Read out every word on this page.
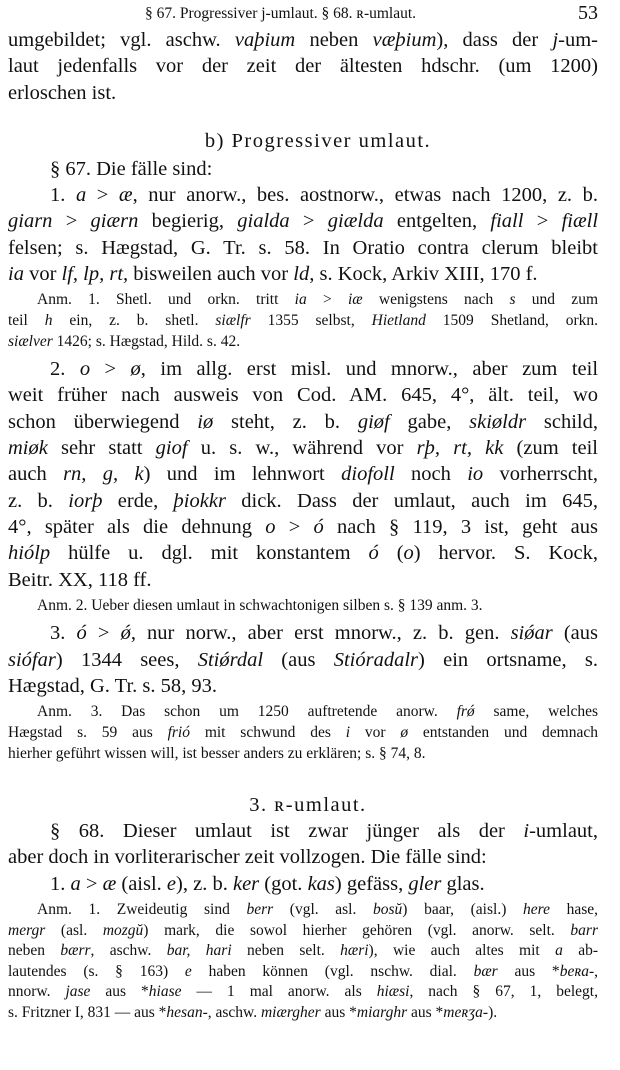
§ 67. Progressiver j-umlaut. § 68. ʀ-umlaut.	53
umgebildet; vgl. aschw. vaþium neben væþium), dass der j-um-
laut jedenfalls vor der zeit der ältesten hdschr. (um 1200)
erloschen ist.
b) Progressiver umlaut.
§ 67. Die fälle sind:
1. a > æ, nur anorw., bes. aostnorw., etwas nach 1200, z. b.
giarn > giærn begierig, gialda > giælda entgelten, fiall > fiæll
felsen; s. Hægstad, G. Tr. s. 58. In Oratio contra clerum bleibt
ia vor lf, lp, rt, bisweilen auch vor ld, s. Kock, Arkiv XIII, 170 f.
Anm. 1. Shetl. und orkn. tritt ia > iæ wenigstens nach s und zum
teil h ein, z. b. shetl. siælfr 1355 selbst, Hietland 1509 Shetland, orkn.
siælver 1426; s. Hægstad, Hild. s. 42.
2. o > ø, im allg. erst misl. und mnorw., aber zum teil
weit früher nach ausweis von Cod. AM. 645, 4°, ält. teil, wo
schon überwiegend iø steht, z. b. giøf gabe, skiøldr schild,
miøk sehr statt giof u. s. w., während vor rþ, rt, kk (zum teil
auch rn, g, k) und im lehnwort diofoll noch io vorherrscht,
z. b. iorþ erde, þiokkr dick. Dass der umlaut, auch im 645,
4°, später als die dehnung o > ó nach § 119, 3 ist, geht aus
hiólp hülfe u. dgl. mit konstantem ó (o) hervor. S. Kock,
Beitr. XX, 118 ff.
Anm. 2. Ueber diesen umlaut in schwachtonigen silben s. § 139 anm. 3.
3. ó > ǿ, nur norw., aber erst mnorw., z. b. gen. siǿar (aus
siófar) 1344 sees, Stiǿrdal (aus Stióradalr) ein ortsname, s.
Hægstad, G. Tr. s. 58, 93.
Anm. 3. Das schon um 1250 auftretende anorw. frǿ same, welches
Hægstad s. 59 aus frió mit schwund des i vor ø entstanden und demnach
hierher geführt wissen will, ist besser anders zu erklären; s. § 74, 8.
3. ʀ-umlaut.
§ 68. Dieser umlaut ist zwar jünger als der i-umlaut,
aber doch in vorliterarischer zeit vollzogen. Die fälle sind:
1. a > æ (aisl. e), z. b. ker (got. kas) gefäss, gler glas.
Anm. 1. Zweideutig sind berr (vgl. asl. bosŭ) baar, (aisl.) here hase,
mergr (asl. mozgŭ) mark, die sowol hierher gehören (vgl. anorw. selt. barr
neben bærr, aschw. bar, hari neben selt. hæri), wie auch altes mit a ab-
lautendes (s. § 163) e haben können (vgl. nschw. dial. bær aus *beʀa-,
nnorw. jase aus *hiase — 1 mal anorw. als hiæsi, nach § 67, 1, belegt,
s. Fritzner I, 831 — aus *hesan-, aschw. miærgher aus *miarghr aus *meʀʒa-).
